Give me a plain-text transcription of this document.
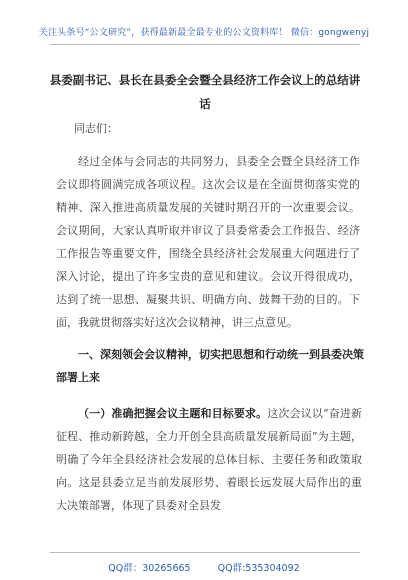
关注头条号“公文研究”，获得最新最全最专业的公文资料库！ 微信：gongwenyj
县委副书记、县长在县委全会暨全县经济工作会议上的总结讲话
同志们：
经过全体与会同志的共同努力，县委全会暨全县经济工作会议即将圆满完成各项议程。这次会议是在全面贯彻落实党的精神、深入推进高质量发展的关键时期召开的一次重要会议。会议期间，大家认真听取并审议了县委常委会工作报告、经济工作报告等重要文件，围绕全县经济社会发展重大问题进行了深入讨论，提出了许多宝贵的意见和建议。会议开得很成功，达到了统一思想、凝聚共识、明确方向、鼓舞干劲的目的。下面，我就贯彻落实好这次会议精神，讲三点意见。
一、深刻领会会议精神，切实把思想和行动统一到县委决策部署上来
（一）准确把握会议主题和目标要求。这次会议以“奋进新征程、推动新跨越，全力开创全县高质量发展新局面”为主题，明确了今年全县经济社会发展的总体目标、主要任务和政策取向。这是县委立足当前发展形势、着眼长远发展大局作出的重大决策部署，体现了县委对全县发
QQ群：30265665	QQ群:535304092
